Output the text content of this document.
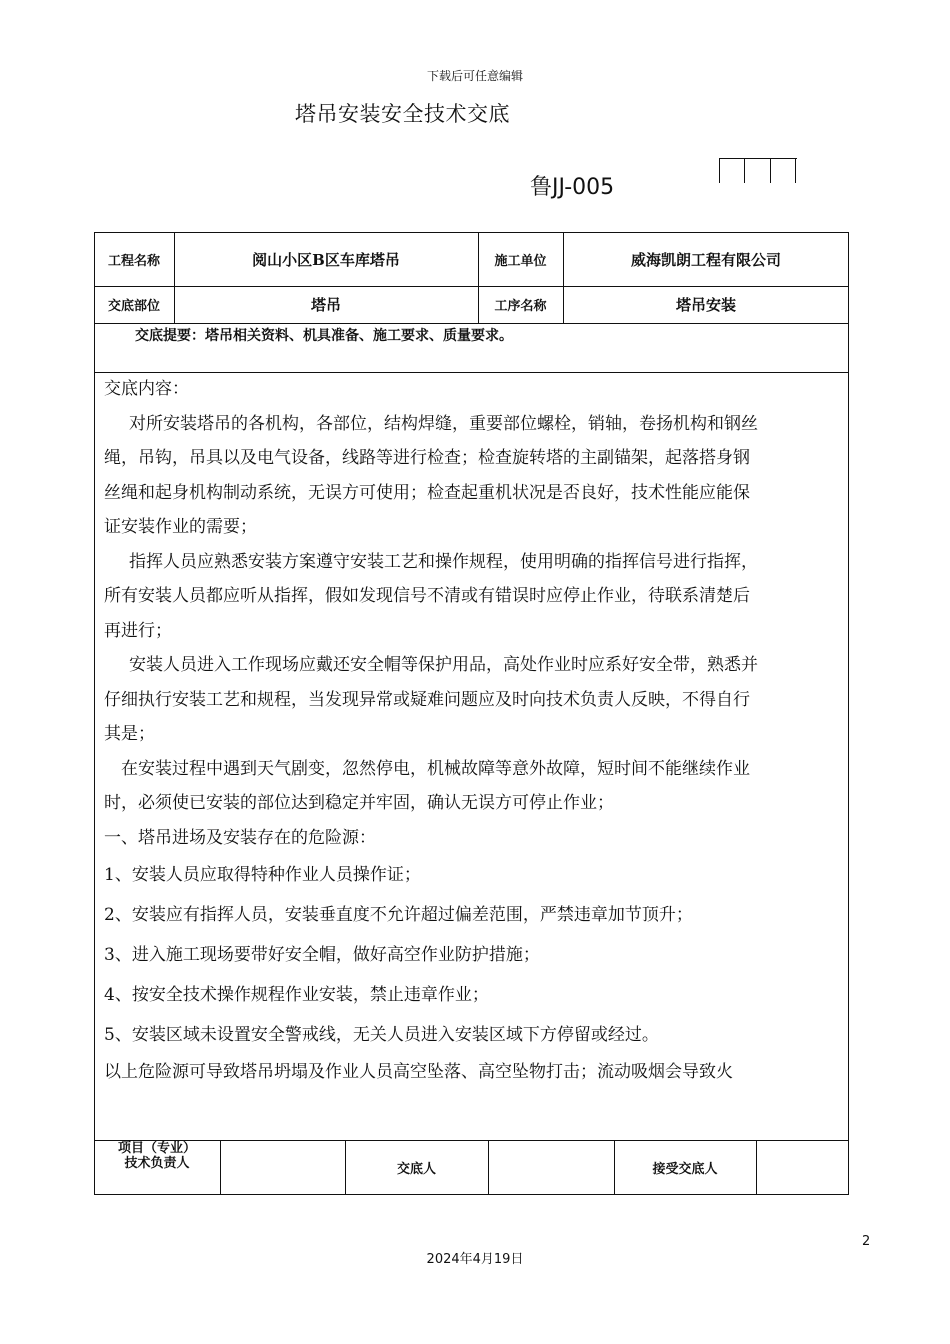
下载后可任意编辑
塔吊安装安全技术交底
鲁JJ-005
工程名称	阅山小区B区车库塔吊	施工单位	威海凯朗工程有限公司
交底部位	塔吊	工序名称	塔吊安装
交底提要：塔吊相关资料、机具准备、施工要求、质量要求。

交底内容：

对所安装塔吊的各机构，各部位，结构焊缝，重要部位螺栓，销轴，卷扬机构和钢丝

绳，吊钩，吊具以及电气设备，线路等进行检查；检查旋转塔的主副锚架，起落搭身钢

丝绳和起身机构制动系统，无误方可使用；检查起重机状况是否良好，技术性能应能保

证安装作业的需要；

指挥人员应熟悉安装方案遵守安装工艺和操作规程，使用明确的指挥信号进行指挥，

所有安装人员都应听从指挥，假如发现信号不清或有错误时应停止作业，待联系清楚后

再进行；

安装人员进入工作现场应戴还安全帽等保护用品，高处作业时应系好安全带，熟悉并

仔细执行安装工艺和规程，当发现异常或疑难问题应及时向技术负责人反映，不得自行

其是；

在安装过程中遇到天气剧变，忽然停电，机械故障等意外故障，短时间不能继续作业

时，必须使已安装的部位达到稳定并牢固，确认无误方可停止作业；

一、塔吊进场及安装存在的危险源：

1、安装人员应取得特种作业人员操作证；

2、安装应有指挥人员，安装垂直度不允许超过偏差范围，严禁违章加节顶升；

3、进入施工现场要带好安全帽，做好高空作业防护措施；

4、按安全技术操作规程作业安装，禁止违章作业；

5、安装区域未设置安全警戒线，无关人员进入安装区域下方停留或经过。

以上危险源可导致塔吊坍塌及作业人员高空坠落、高空坠物打击；流动吸烟会导致火

项目（专业）
技术负责人	交底人	接受交底人
2
2024年4月19日
